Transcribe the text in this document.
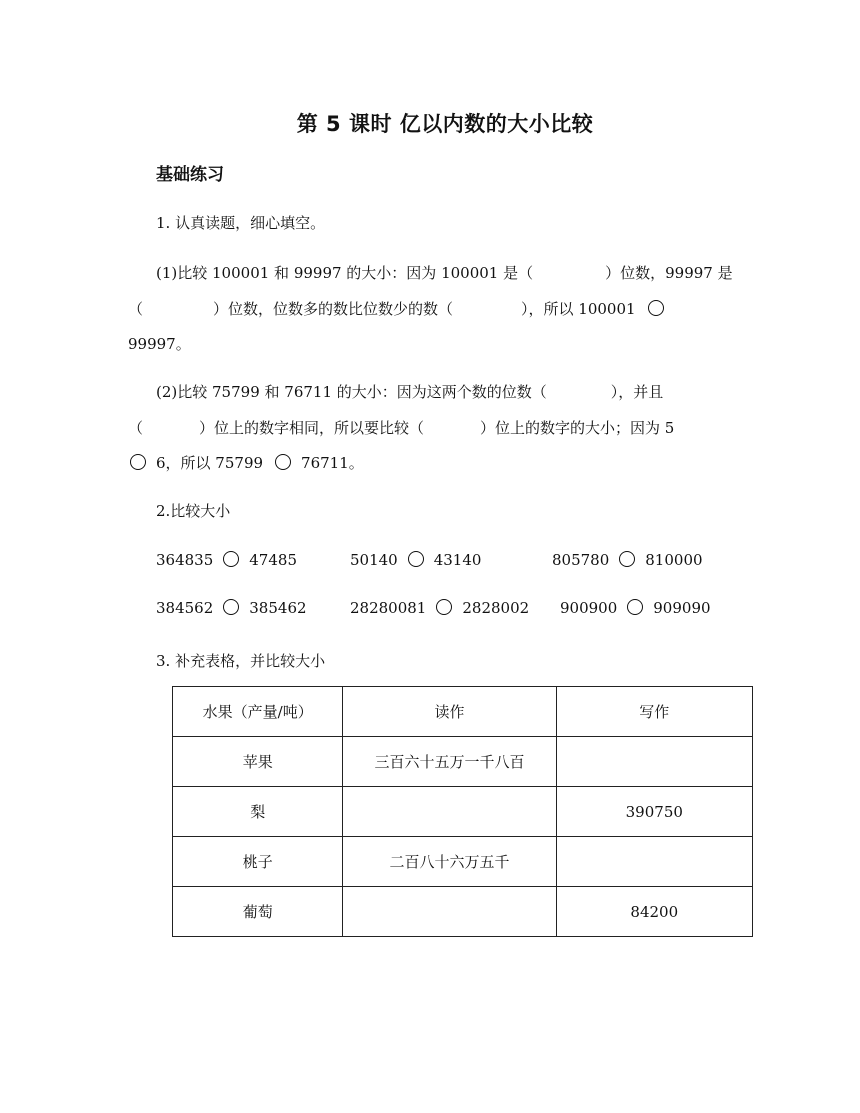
第 5 课时 亿以内数的大小比较
基础练习
1. 认真读题，细心填空。
(1)比较 100001 和 99997 的大小：因为 100001 是（	）位数，99997 是
（	）位数，位数多的数比位数少的数（	），所以 100001
99997。
(2)比较 75799 和 76711 的大小：因为这两个数的位数（	），并且
（	）位上的数字相同，所以要比较（	）位上的数字的大小；因为 5
6，所以 75799	76711。
2.比较大小
364835 47485	50140 43140	805780 810000
384562 385462	28280081 2828002 900900 909090
3. 补充表格，并比较大小
水果（产量/吨）	读作	写作
苹果	三百六十五万一千八百	
梨		390750
桃子	二百八十六万五千	
葡萄		84200
